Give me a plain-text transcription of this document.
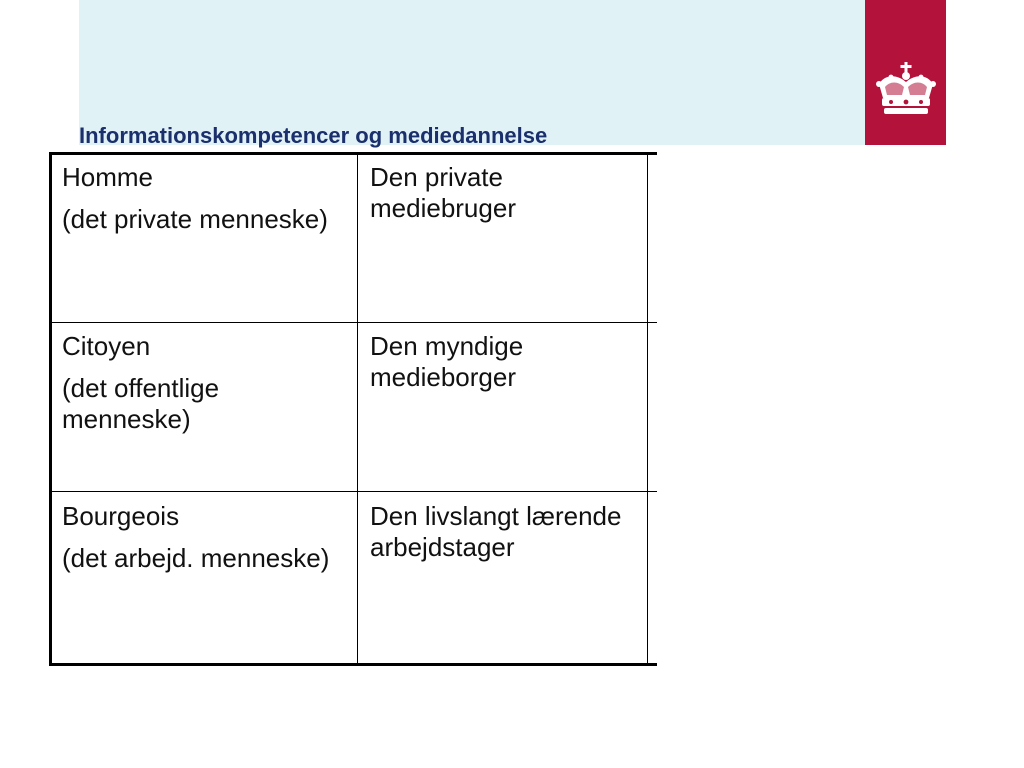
Informationskompetencer og mediedannelse

Homme

(det private menneske)

Den private mediebruger

Citoyen

(det offentlige menneske)

Den myndige medieborger

Bourgeois

(det arbejd. menneske)

Den livslangt lærende arbejdstager
